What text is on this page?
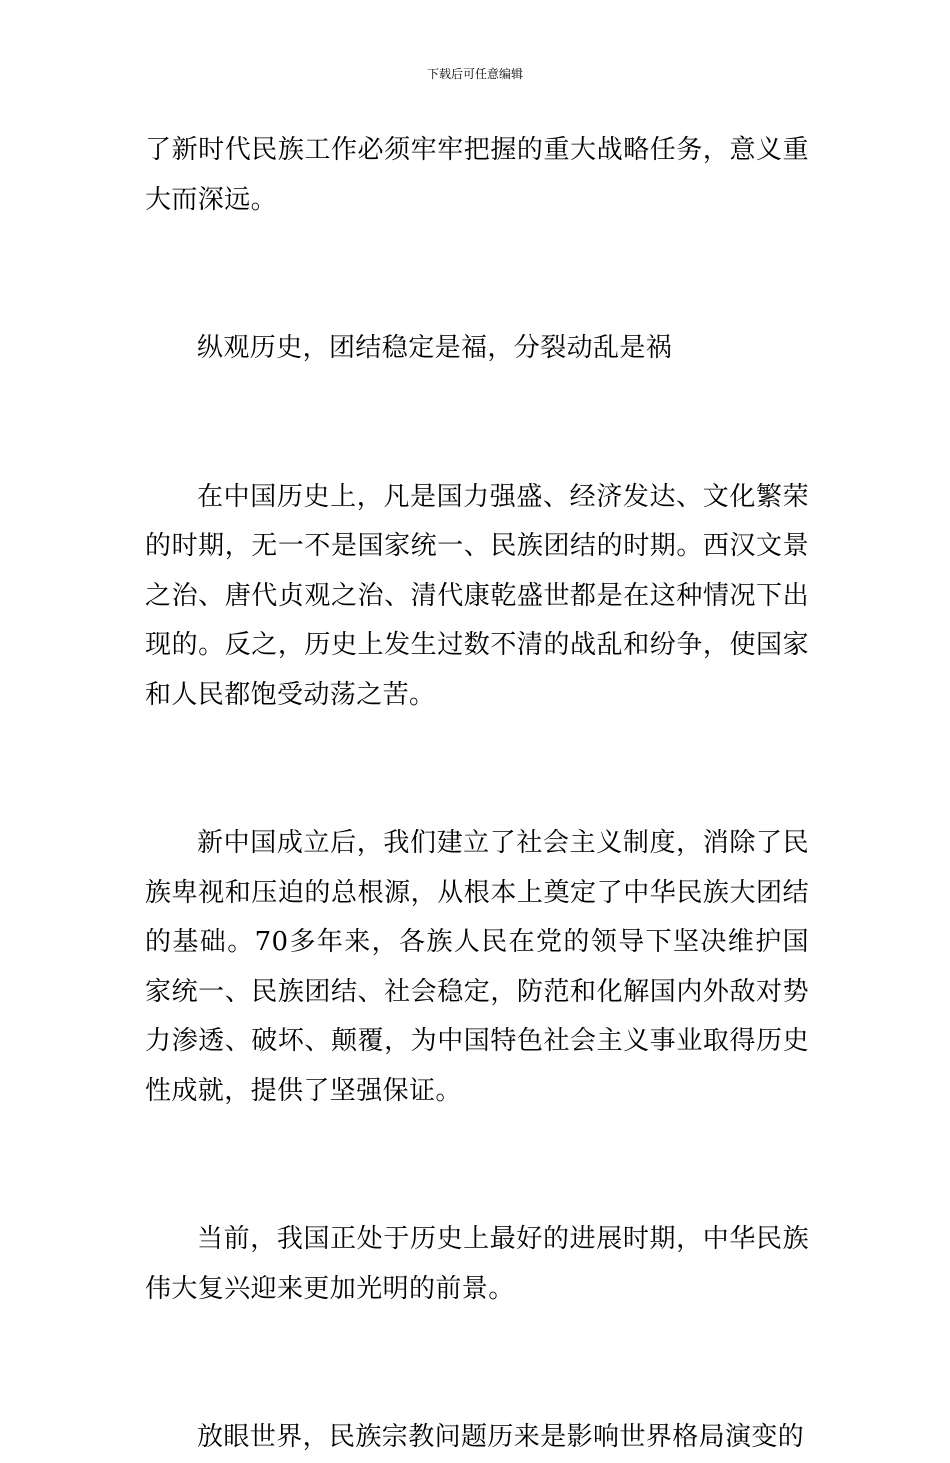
下载后可任意编辑

了新时代民族工作必须牢牢把握的重大战略任务，意义重大而深远。

纵观历史，团结稳定是福，分裂动乱是祸

在中国历史上，凡是国力强盛、经济发达、文化繁荣的时期，无一不是国家统一、民族团结的时期。西汉文景之治、唐代贞观之治、清代康乾盛世都是在这种情况下出现的。反之，历史上发生过数不清的战乱和纷争，使国家和人民都饱受动荡之苦。

新中国成立后，我们建立了社会主义制度，消除了民族卑视和压迫的总根源，从根本上奠定了中华民族大团结的基础。70多年来，各族人民在党的领导下坚决维护国家统一、民族团结、社会稳定，防范和化解国内外敌对势力渗透、破坏、颠覆，为中国特色社会主义事业取得历史性成就，提供了坚强保证。

当前，我国正处于历史上最好的进展时期，中华民族伟大复兴迎来更加光明的前景。

放眼世界，民族宗教问题历来是影响世界格局演变的
